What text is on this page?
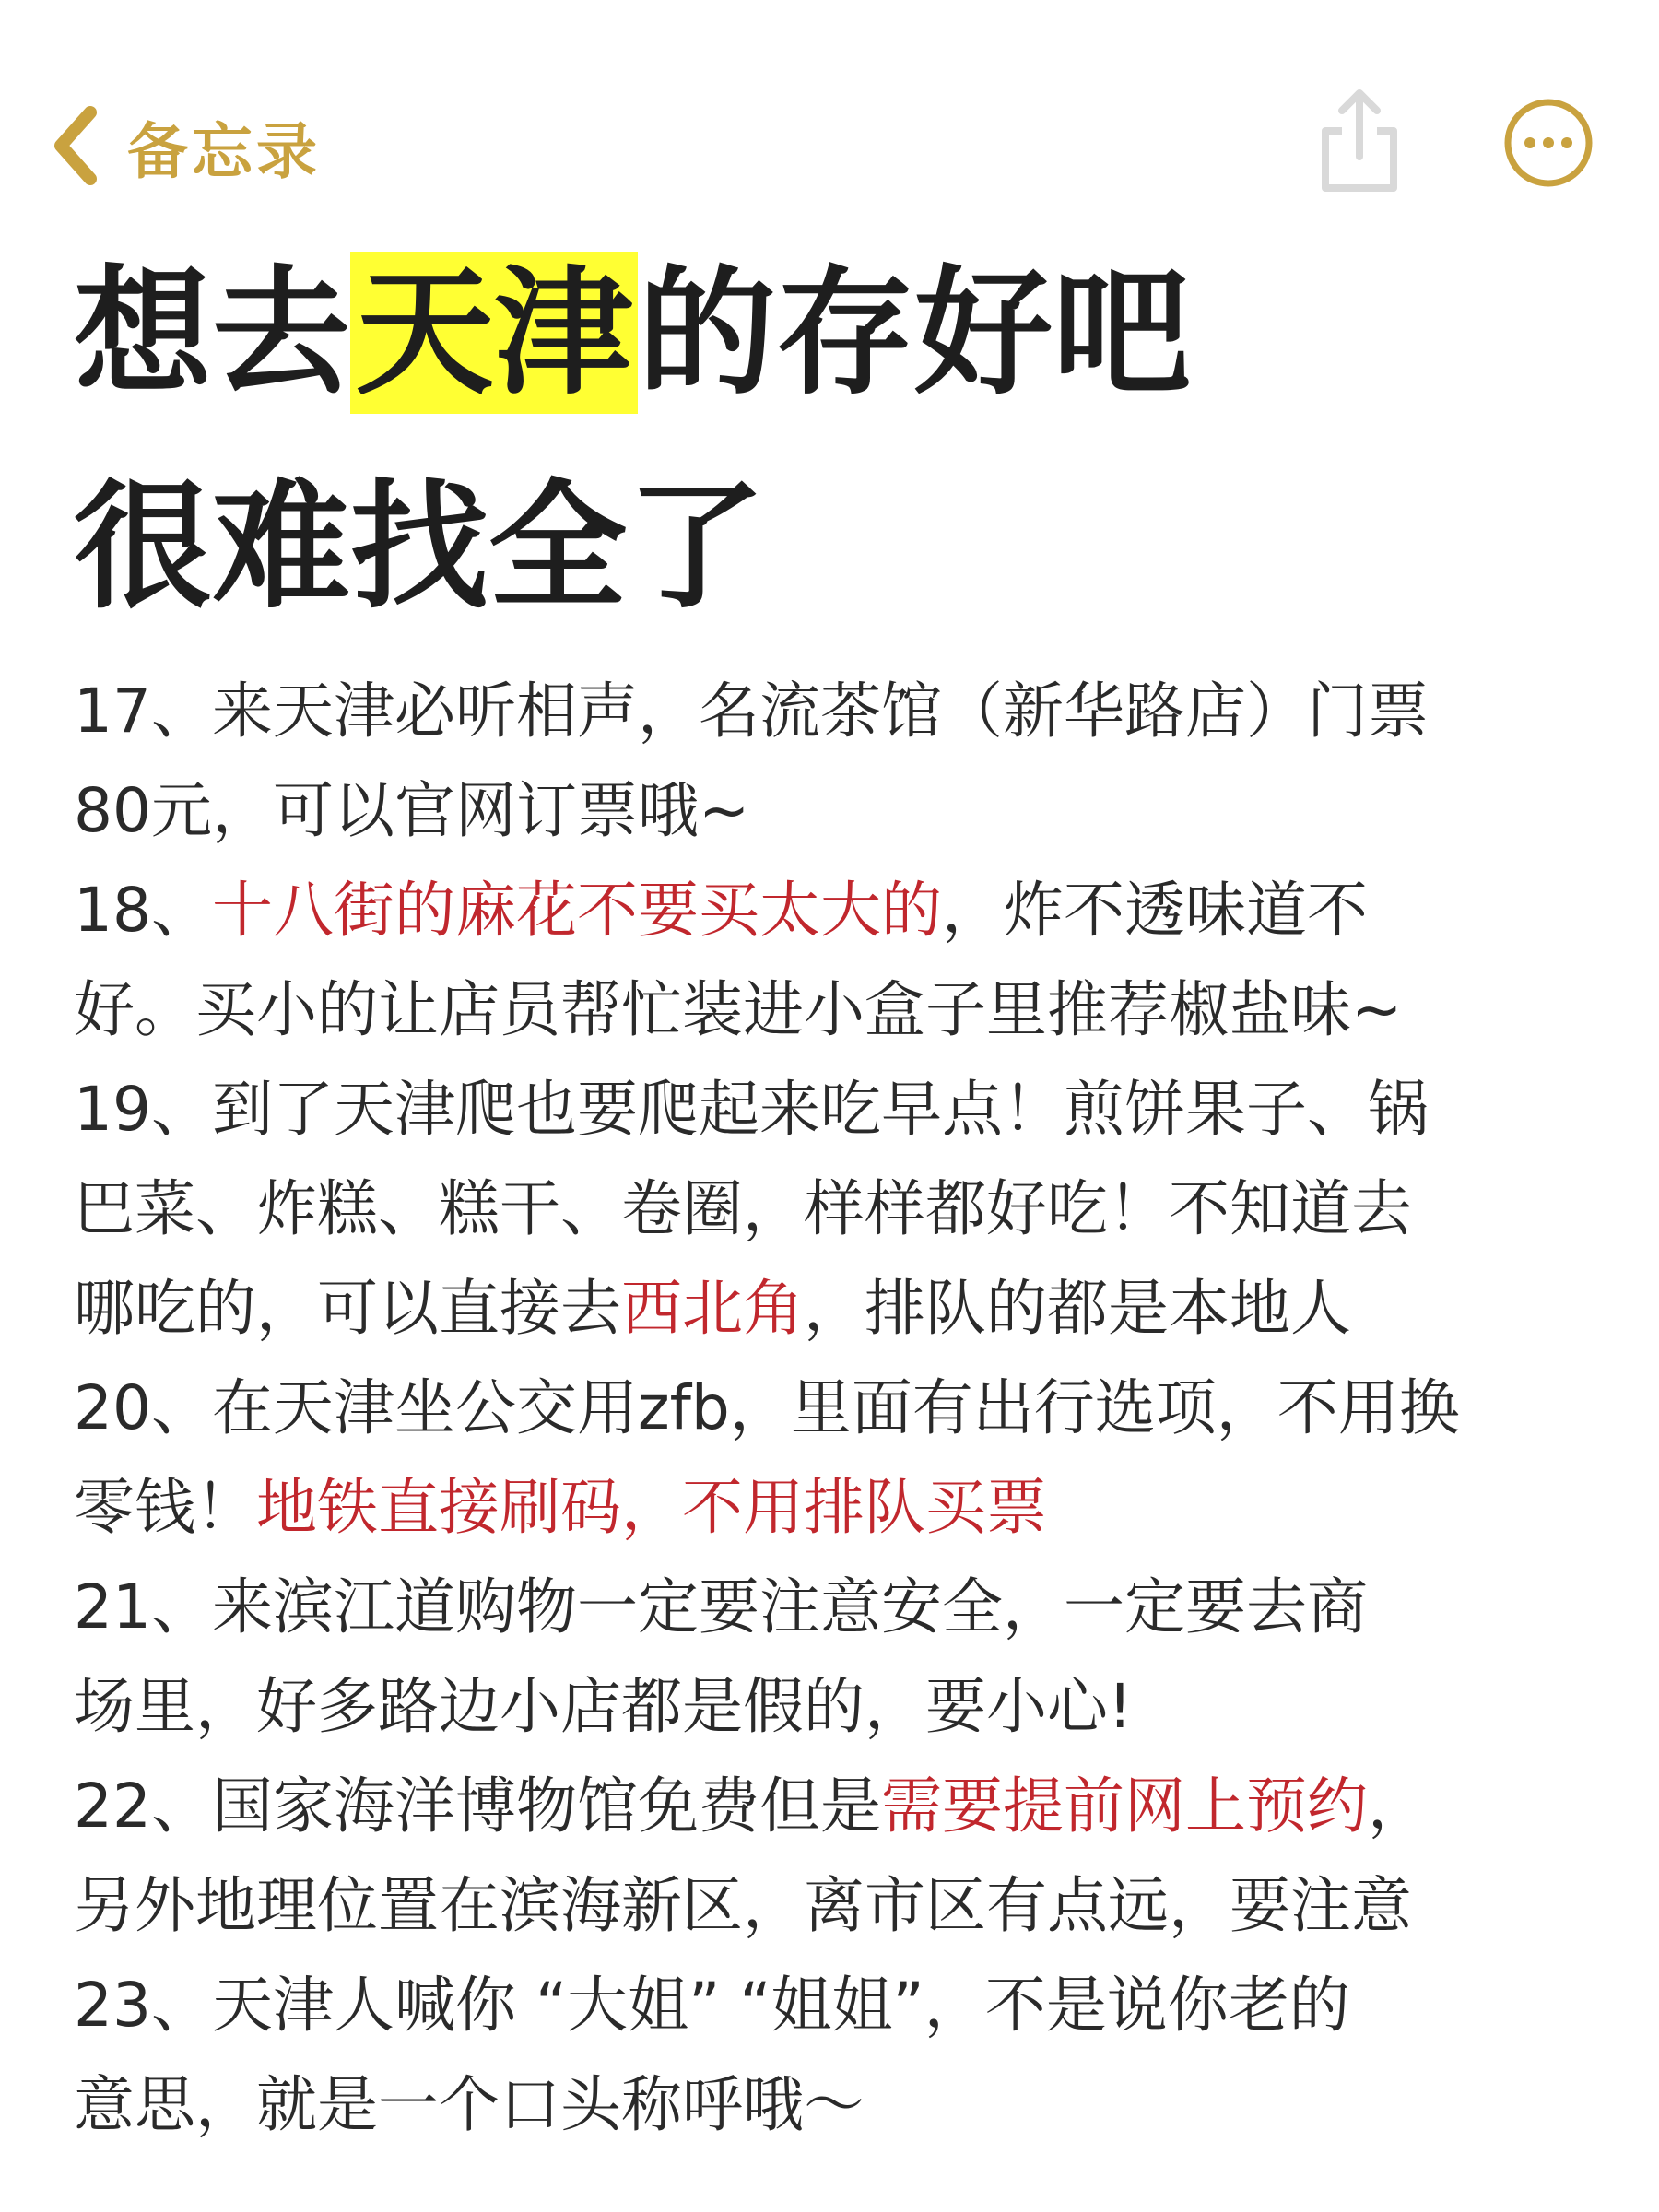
备忘录
想去天津的存好吧
很难找全了
17、来天津必听相声，名流茶馆（新华路店）门票
80元，可以官网订票哦~
18、十八街的麻花不要买太大的，炸不透味道不
好。买小的让店员帮忙装进小盒子里推荐椒盐味~
19、到了天津爬也要爬起来吃早点！煎饼果子、锅
巴菜、炸糕、糕干、卷圈，样样都好吃！不知道去
哪吃的，可以直接去西北角，排队的都是本地人
20、在天津坐公交用zfb，里面有出行选项，不用换
零钱！地铁直接刷码，不用排队买票
21、来滨江道购物一定要注意安全，一定要去商
场里，好多路边小店都是假的，要小心!
22、国家海洋博物馆免费但是需要提前网上预约，
另外地理位置在滨海新区，离市区有点远，要注意
23、天津人喊你 “大姐” “姐姐”，不是说你老的
意思，就是一个口头称呼哦～
